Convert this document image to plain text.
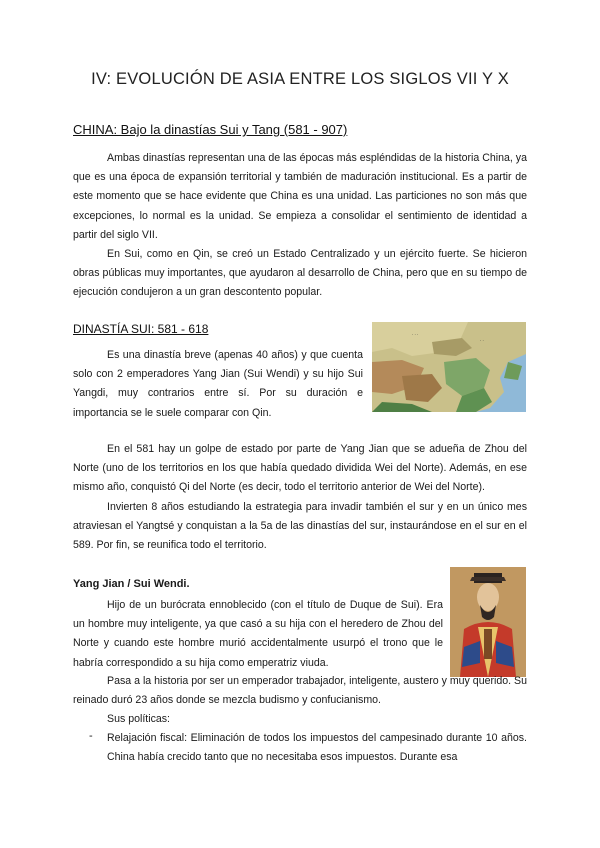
IV: EVOLUCIÓN DE ASIA ENTRE LOS SIGLOS VII Y X
CHINA: Bajo la dinastías Sui y Tang (581 - 907)
Ambas dinastías representan una de las épocas más espléndidas de la historia China, ya que es una época de expansión territorial y también de maduración institucional. Es a partir de este momento que se hace evidente que China es una unidad. Las particiones no son más que excepciones, lo normal es la unidad. Se empieza a consolidar el sentimiento de identidad a partir del siglo VII.
En Sui, como en Qin, se creó un Estado Centralizado y un ejército fuerte. Se hicieron obras públicas muy importantes, que ayudaron al desarrollo de China, pero que en su tiempo de ejecución condujeron a un gran descontento popular.
DINASTÍA SUI: 581 - 618	· · ·
· ·
Es una dinastía breve (apenas 40 años) y que cuenta solo con 2 emperadores Yang Jian (Sui Wendi) y su hijo Sui Yangdi, muy contrarios entre sí. Por su duración e importancia se le suele comparar con Qin.
En el 581 hay un golpe de estado por parte de Yang Jian que se adueña de Zhou del Norte (uno de los territorios en los que había quedado dividida Wei del Norte). Además, en ese mismo año, conquistó Qi del Norte (es decir, todo el territorio anterior de Wei del Norte).
Invierten 8 años estudiando la estrategia para invadir también el sur y en un único mes atraviesan el Yangtsé y conquistan a la 5a de las dinastías del sur, instaurándose en el sur en el 589. Por fin, se reunifica todo el territorio.
Yang Jian / Sui Wendi.
Hijo de un burócrata ennoblecido (con el título de Duque de Sui). Era un hombre muy inteligente, ya que casó a su hija con el heredero de Zhou del Norte y cuando este hombre murió accidentalmente usurpó el trono que le habría correspondido a su hija como emperatriz viuda.
Pasa a la historia por ser un emperador trabajador, inteligente, austero y muy querido. Su reinado duró 23 años donde se mezcla budismo y confucianismo.
Sus políticas:
- Relajación fiscal: Eliminación de todos los impuestos del campesinado durante 10 años. China había crecido tanto que no necesitaba esos impuestos. Durante esa
